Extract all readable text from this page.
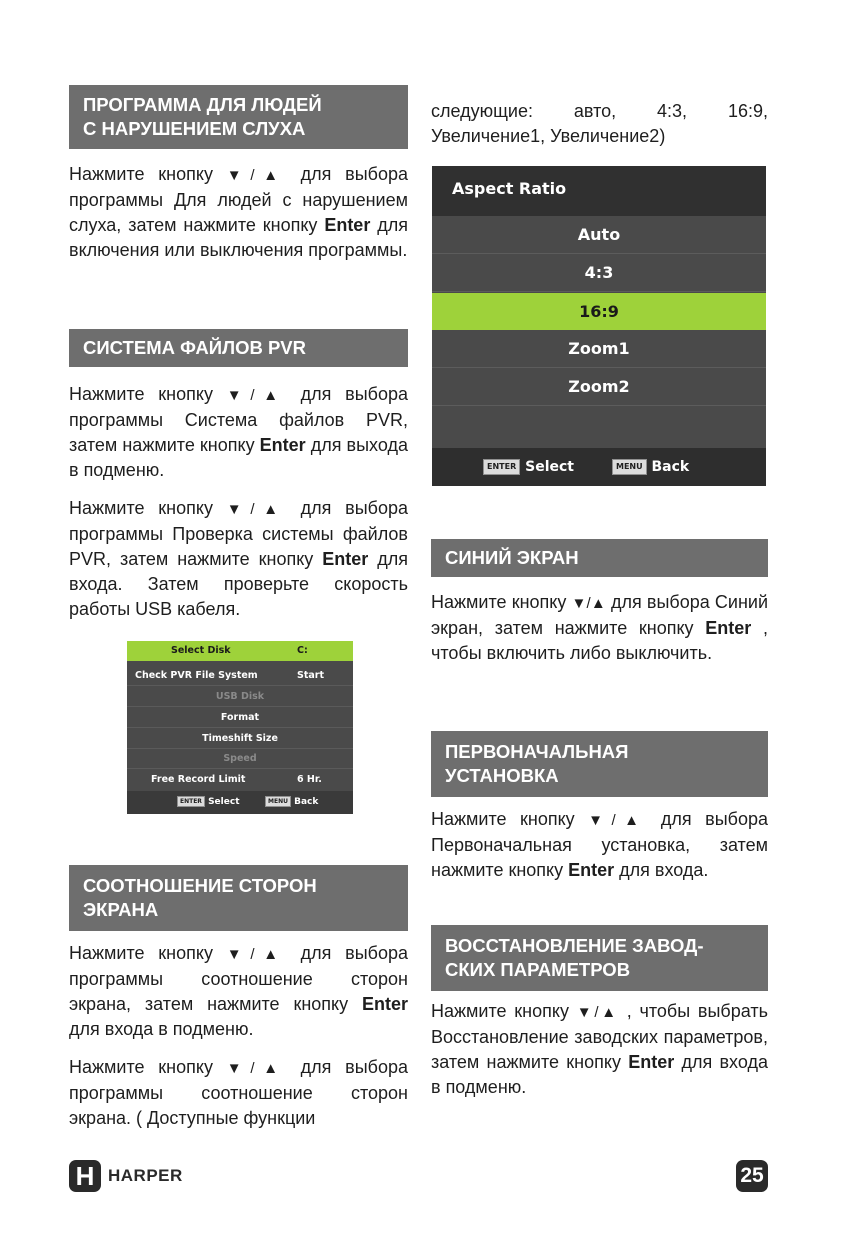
ПРОГРАММА ДЛЯ ЛЮДЕЙ
С НАРУШЕНИЕМ СЛУХА

Нажмите кнопку ▼/▲ для выбора программы Для людей с нарушением слуха, затем нажмите кнопку Enter для включения или выключения программы.

СИСТЕМА ФАЙЛОВ PVR

Нажмите кнопку ▼/▲ для выбора программы Система файлов PVR, затем нажмите кнопку Enter для выхода в подменю.

Нажмите кнопку ▼/▲ для выбора программы Проверка системы файлов PVR, затем нажмите кнопку Enter для входа. Затем проверьте скорость работы USB кабеля.

Select Disk	C:
Check PVR File System	Start
USB Disk
Format
Timeshift Size
Speed
Free Record Limit	6 Hr.
ENTER Select	MENU Back
СООТНОШЕНИЕ СТОРОН
ЭКРАНА

Нажмите кнопку ▼/▲ для выбора программы соотношение сторон экрана, затем нажмите кнопку Enter для входа в подменю.

Нажмите кнопку ▼/▲ для выбора программы соотношение сторон экрана. ( Доступные функции

следующие: авто, 4:3, 16:9, Увеличение1, Увеличение2)

Aspect Ratio
Auto
4:3
16:9
Zoom1
Zoom2
ENTER Select	MENU Back
СИНИЙ ЭКРАН

Нажмите кнопку ▼/▲ для выбора Синий экран, затем нажмите кнопку Enter , чтобы включить либо выключить.

ПЕРВОНАЧАЛЬНАЯ
УСТАНОВКА

Нажмите кнопку ▼/▲ для выбора Первоначальная установка, затем нажмите кнопку Enter для входа.

ВОССТАНОВЛЕНИЕ ЗАВОД-
СКИХ ПАРАМЕТРОВ

Нажмите кнопку ▼/▲ , чтобы выбрать Восстановление заводских параметров, затем нажмите кнопку Enter для входа в подменю.

H HARPER	25
